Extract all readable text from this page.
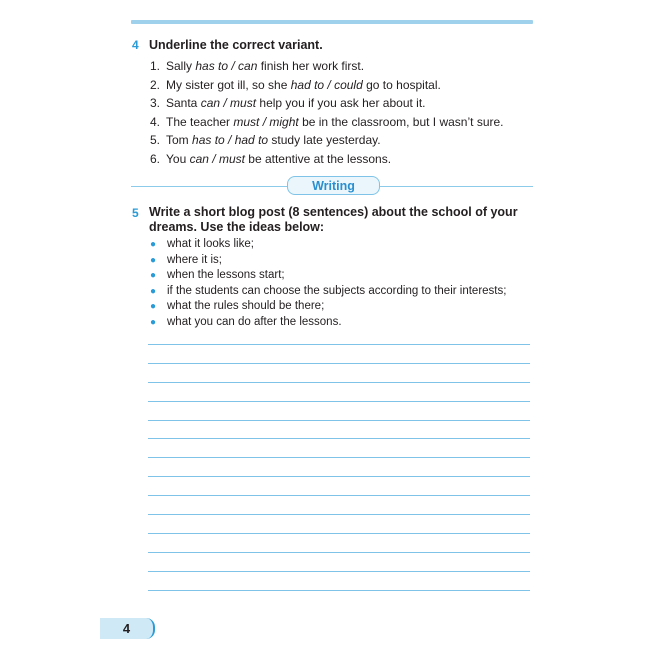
4 Underline the correct variant.
1. Sally has to / can finish her work first.
2. My sister got ill, so she had to / could go to hospital.
3. Santa can / must help you if you ask her about it.
4. The teacher must / might be in the classroom, but I wasn’t sure.
5. Tom has to / had to study late yesterday.
6. You can / must be attentive at the lessons.
Writing
5 Write a short blog post (8 sentences) about the school of your dreams. Use the ideas below:
● what it looks like;
● where it is;
● when the lessons start;
● if the students can choose the subjects according to their interests;
● what the rules should be there;
● what you can do after the lessons.
4
